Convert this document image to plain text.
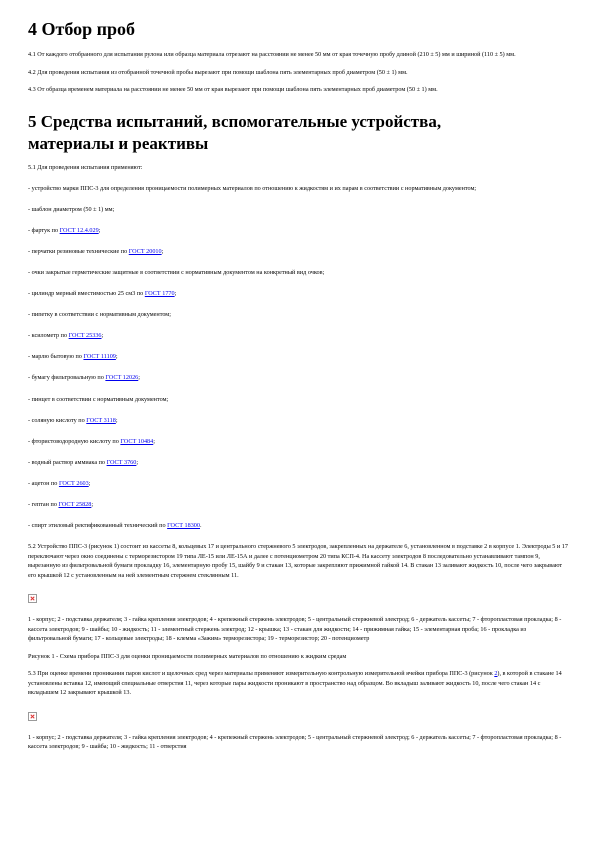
4 Отбор проб

4.1 От каждого отобранного для испытания рулона или образца материала отрезают на расстоянии не менее 50 мм от края точечную пробу длиной (210 ± 5) мм и шириной (110 ± 5) мм.

4.2 Для проведения испытания из отобранной точечной пробы вырезают при помощи шаблона пять элементарных проб диаметром (50 ± 1) мм.

4.3 От образца временем материала на расстоянии не менее 50 мм от края вырезают при помощи шаблона пять элементарных проб диаметром (50 ± 1) мм.

5 Средства испытаний, вспомогательные устройства, материалы и реактивы

5.1 Для проведения испытания применяют:

- устройство марки ППС-3 для определения проницаемости полимерных материалов по отношению к жидкостям и их парам в соответствии с нормативным документом;

- шаблон диаметром (50 ± 1) мм;

- фартук по ГОСТ 12.4.029;

- перчатки резиновые технические по ГОСТ 20010;

- очки закрытые герметические защитные в соответствии с нормативным документом на конкретный вид очков;

- цилиндр мерный вместимостью 25 см3 по ГОСТ 1770;

- пипетку в соответствии с нормативным документом;

- ксилометр по ГОСТ 25336;

- марлю бытовую по ГОСТ 11109;

- бумагу фильтровальную по ГОСТ 12026;

- пинцет в соответствии с нормативным документом;

- соляную кислоту по ГОСТ 3118;

- фтористоводородную кислоту по ГОСТ 10484;

- водный раствор аммиака по ГОСТ 3760;

- ацетон по ГОСТ 2603;

- гептан по ГОСТ 25828;

- спирт этиловый ректификованный технический по ГОСТ 18300.

5.2 Устройство ППС-3 (рисунок 1) состоит из кассеты 8, кольцевых 17 и центрального стержневого 5 электродов, закрепленных на держателе 6, установленном в подставке 2 в корпусе 1. Электроды 5 и 17 переключают через окно соединены с терморезистором 19 типа ЛЕ-15 или ЛЕ-15А и далее с потенциометром 20 типа КСП-4. На кассету электродов 8 последовательно устанавливают тампон 9, вырезанную из фильтровальной бумаги прокладку 16, элементарную пробу 15, шайбу 9 и стакан 13, которые закрепляют прижимной гайкой 14. В стакан 13 заливают жидкость 10, после чего закрывают его крышкой 12 с установленным на ней элементным стержнем стеклянным 11.

1 - корпус; 2 - подставка держателя; 3 - гайка крепления электродов; 4 - крепежный стержень электродов; 5 - центральный стержневой электрод; 6 - держатель кассеты; 7 - фторопластовая прокладка; 8 - кассета электродов; 9 - шайбы; 10 - жидкость; 11 - элементный стержень электрод; 12 - крышка; 13 - стакан для жидкости; 14 - прижимная гайка; 15 - элементарная проба; 16 - прокладка из фильтровальной бумаги; 17 - кольцевые электроды; 18 - клемма «Зажим» терморезистора; 19 - терморезистор; 20 - потенциометр

Рисунок 1 - Схема прибора ППС-3 для оценки проницаемости полимерных материалов по отношению к жидким средам

5.3 При оценке времени проникания паров кислот и щелочных сред через материалы применяют измерительную контрольную измерительной ячейки прибора ППС-3 (рисунок 2), в которой в стакане 14 установлены вставка 12, имеющий специальные отверстия 11, через которые пары жидкости проникают в пространство над образцом. Во вкладыш заливают жидкость 10, после чего стакан 14 с вкладышем 12 закрывают крышкой 13.

1 - корпус; 2 - подставка держателя; 3 - гайка крепления электродов; 4 - крепежный стержень электродов; 5 - центральный стержневой электрод; 6 - держатель кассеты; 7 - фторопластовая прокладка; 8 - кассета электродов; 9 - шайба; 10 - жидкость; 11 - отверстия
